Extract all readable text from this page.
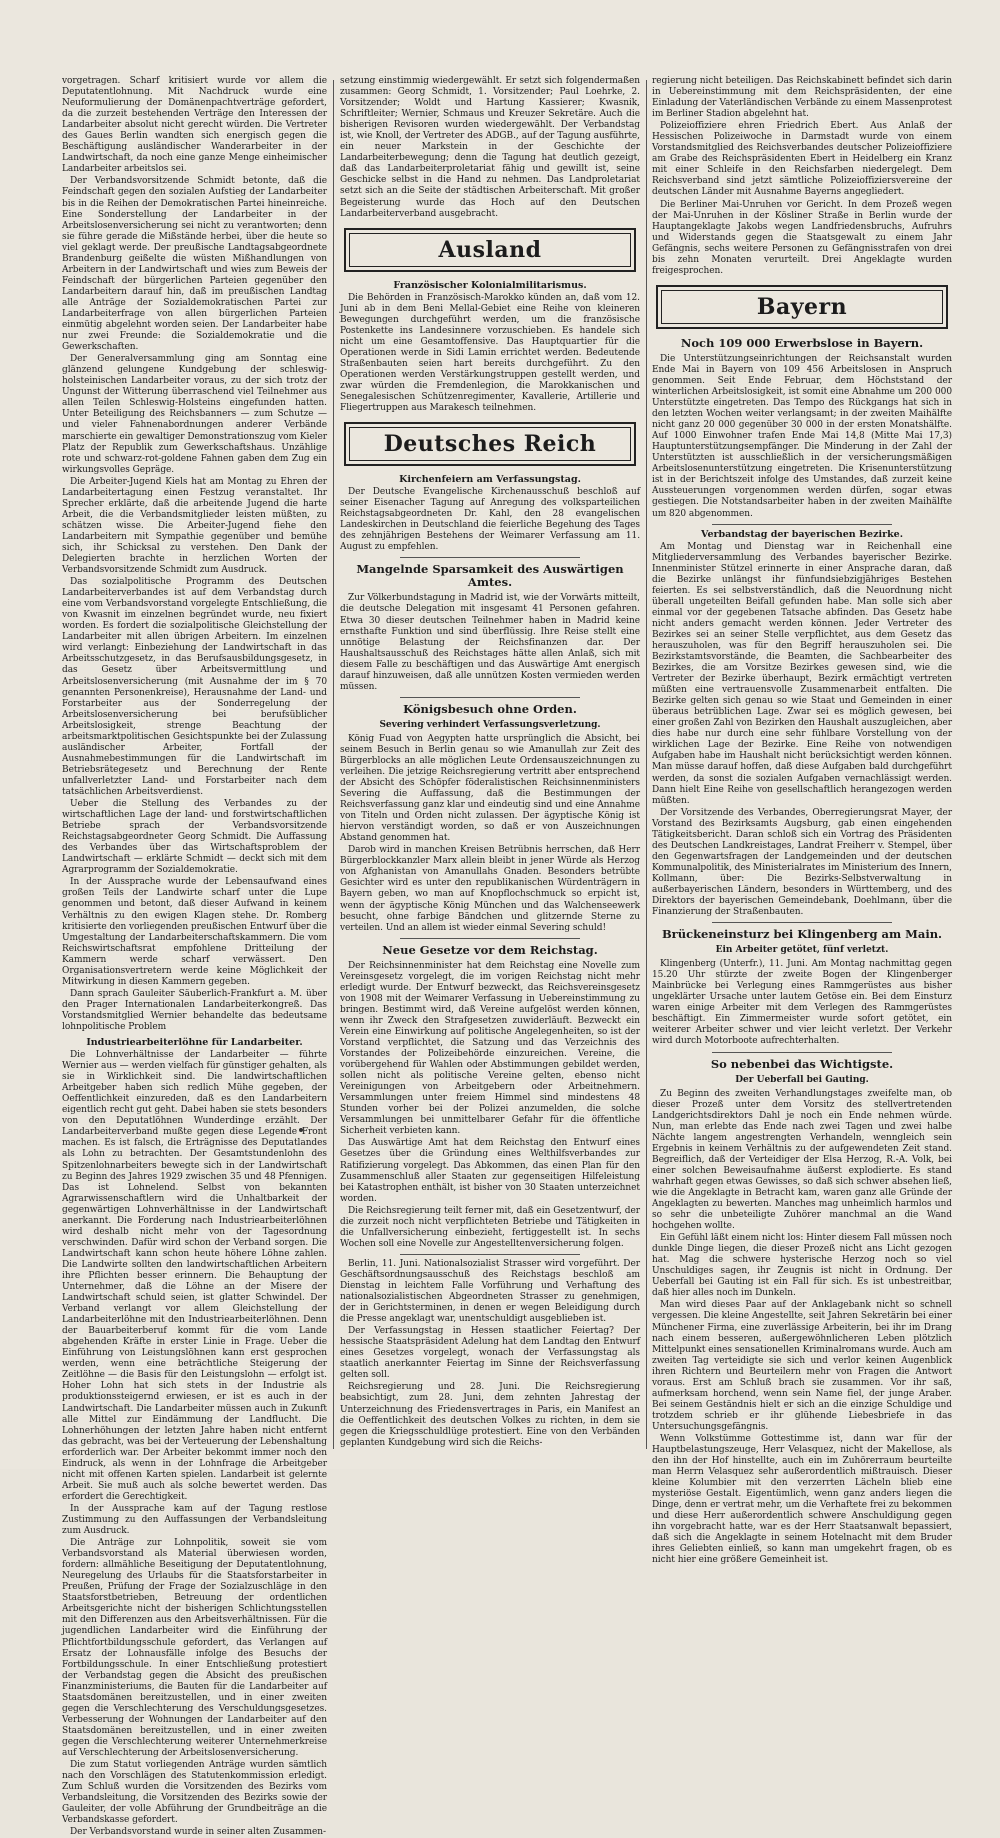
vorgetragen. Scharf kritisiert wurde vor allem die Deputatentlohnung. Mit Nachdruck wurde eine Neuformulierung der Domänenpachtverträge gefordert, da die zurzeit bestehenden Verträge den Interessen der Landarbeiter absolut nicht gerecht würden. Die Vertreter des Gaues Berlin wandten sich energisch gegen die Beschäftigung ausländischer Wanderarbeiter in der Landwirtschaft, da noch eine ganze Menge einheimischer Landarbeiter arbeitslos sei.

Der Verbandsvorsitzende Schmidt betonte, daß die Feindschaft gegen den sozialen Aufstieg der Landarbeiter bis in die Reihen der Demokratischen Partei hineinreiche. Eine Sonderstellung der Landarbeiter in der Arbeitslosenversicherung sei nicht zu verantworten; denn sie führe gerade die Mißstände herbei, über die heute so viel geklagt werde. Der preußische Landtagsabgeordnete Brandenburg geißelte die wüsten Mißhandlungen von Arbeitern in der Landwirtschaft und wies zum Beweis der Feindschaft der bürgerlichen Parteien gegenüber den Landarbeitern darauf hin, daß im preußischen Landtag alle Anträge der Sozialdemokratischen Partei zur Landarbeiterfrage von allen bürgerlichen Parteien einmütig abgelehnt worden seien. Der Landarbeiter habe nur zwei Freunde: die Sozialdemokratie und die Gewerkschaften.

Der Generalversammlung ging am Sonntag eine glänzend gelungene Kundgebung der schleswig-holsteinischen Landarbeiter voraus, zu der sich trotz der Ungunst der Witterung überraschend viel Teilnehmer aus allen Teilen Schleswig-Holsteins eingefunden hatten. Unter Beteiligung des Reichsbanners — zum Schutze — und vieler Fahnenabordnungen anderer Verbände marschierte ein gewaltiger Demonstrationszug vom Kieler Platz der Republik zum Gewerkschaftshaus. Unzählige rote und schwarz-rot-goldene Fahnen gaben dem Zug ein wirkungsvolles Gepräge.

Die Arbeiter-Jugend Kiels hat am Montag zu Ehren der Landarbeitertagung einen Festzug veranstaltet. Ihr Sprecher erklärte, daß die arbeitende Jugend die harte Arbeit, die die Verbandsmitglieder leisten müßten, zu schätzen wisse. Die Arbeiter-Jugend fiehe den Landarbeitern mit Sympathie gegenüber und bemühe sich, ihr Schicksal zu verstehen. Den Dank der Delegierten brachte in herzlichen Worten der Verbandsvorsitzende Schmidt zum Ausdruck.

Das sozialpolitische Programm des Deutschen Landarbeiterverbandes ist auf dem Verbandstag durch eine vom Verbandsvorstand vorgelegte Entschließung, die von Kwasnit im einzelnen begründet wurde, neu fixiert worden. Es fordert die sozialpolitische Gleichstellung der Landarbeiter mit allen übrigen Arbeitern. Im einzelnen wird verlangt: Einbeziehung der Landwirtschaft in das Arbeitsschutzgesetz, in das Berufsausbildungsgesetz, in das Gesetz über Arbeitsvermittlung und Arbeitslosenversicherung (mit Ausnahme der im § 70 genannten Personenkreise), Herausnahme der Land- und Forstarbeiter aus der Sonderregelung der Arbeitslosenversicherung bei berufsüblicher Arbeitslosigkeit, strenge Beachtung der arbeitsmarktpolitischen Gesichtspunkte bei der Zulassung ausländischer Arbeiter, Fortfall der Ausnahmebestimmungen für die Landwirtschaft im Betriebsrätegesetz und Berechnung der Rente unfallverletzter Land- und Forstarbeiter nach dem tatsächlichen Arbeitsverdienst.

Ueber die Stellung des Verbandes zu der wirtschaftlichen Lage der land- und forstwirtschaftlichen Betriebe sprach der Verbandsvorsitzende Reichstagsabgeordneter Georg Schmidt. Die Auffassung des Verbandes über das Wirtschaftsproblem der Landwirtschaft — erklärte Schmidt — deckt sich mit dem Agrarprogramm der Sozialdemokratie.

In der Aussprache wurde der Lebensaufwand eines großen Teils der Landwirte scharf unter die Lupe genommen und betont, daß dieser Aufwand in keinem Verhältnis zu den ewigen Klagen stehe. Dr. Romberg kritisierte den vorliegenden preußischen Entwurf über die Umgestaltung der Landarbeiterschaftskammern. Die vom Reichswirtschaftsrat empfohlene Dritteilung der Kammern werde scharf verwässert. Den Organisationsvertretern werde keine Möglichkeit der Mitwirkung in diesen Kammern gegeben.

Dann sprach Gauleiter Säuberlich-Frankfurt a. M. über den Prager Internationalen Landarbeiterkongreß. Das Vorstandsmitglied Wernier behandelte das bedeutsame lohnpolitische Problem

Industriearbeiterlöhne für Landarbeiter.

Die Lohnverhältnisse der Landarbeiter — führte Wernier aus — werden vielfach für günstiger gehalten, als sie in Wirklichkeit sind. Die landwirtschaftlichen Arbeitgeber haben sich redlich Mühe gegeben, der Oeffentlichkeit einzureden, daß es den Landarbeitern eigentlich recht gut geht. Dabei haben sie stets besonders von den Deputatlöhnen Wunderdinge erzählt. Der Landarbeiterverband mußte gegen diese Legende Front machen. Es ist falsch, die Erträgnisse des Deputatlandes als Lohn zu betrachten. Der Gesamtstundenlohn des Spitzenlohnarbeiters bewegte sich in der Landwirtschaft zu Beginn des Jahres 1929 zwischen 35 und 48 Pfennigen. Das ist Lohnelend. Selbst von bekannten Agrarwissenschaftlern wird die Unhaltbarkeit der gegenwärtigen Lohnverhältnisse in der Landwirtschaft anerkannt. Die Forderung nach Industriearbeiterlöhnen wird deshalb nicht mehr von der Tagesordnung verschwinden. Dafür wird schon der Verband sorgen. Die Landwirtschaft kann schon heute höhere Löhne zahlen. Die Landwirte sollten den landwirtschaftlichen Arbeitern ihre Pflichten besser erinnern. Die Behauptung der Unternehmer, daß die Löhne an der Misere der Landwirtschaft schuld seien, ist glatter Schwindel. Der Verband verlangt vor allem Gleichstellung der Landarbeiterlöhne mit den Industriearbeiterlöhnen. Denn der Bauarbeiterberuf kommt für die vom Lande abgehenden Kräfte in erster Linie in Frage. Ueber die Einführung von Leistungslöhnen kann erst gesprochen werden, wenn eine beträchtliche Steigerung der Zeitlöhne — die Basis für den Leistungslohn — erfolgt ist. Hoher Lohn hat sich stets in der Industrie als produktionssteigernd erwiesen, er ist es auch in der Landwirtschaft. Die Landarbeiter müssen auch in Zukunft alle Mittel zur Eindämmung der Landflucht. Die Lohnerhöhungen der letzten Jahre haben nicht entfernt das gebracht, was bei der Verteuerung der Lebenshaltung erforderlich war. Der Arbeiter bekommt immer noch den Eindruck, als wenn in der Lohnfrage die Arbeitgeber nicht mit offenen Karten spielen. Landarbeit ist gelernte Arbeit. Sie muß auch als solche bewertet werden. Das erfordert die Gerechtigkeit.

In der Aussprache kam auf der Tagung restlose Zustimmung zu den Auffassungen der Verbandsleitung zum Ausdruck.

Die Anträge zur Lohnpolitik, soweit sie vom Verbandsvorstand als Material überwiesen worden, fordern: allmähliche Beseitigung der Deputatentlohnung, Neuregelung des Urlaubs für die Staatsforstarbeiter in Preußen, Prüfung der Frage der Sozialzuschläge in den Staatsforstbetrieben, Betreuung der ordentlichen Arbeitsgerichte nicht der bisherigen Schlichtungsstellen mit den Differenzen aus den Arbeitsverhältnissen. Für die jugendlichen Landarbeiter wird die Einführung der Pflichtfortbildungsschule gefordert, das Verlangen auf Ersatz der Lohnausfälle infolge des Besuchs der Fortbildungsschule. In einer Entschließung protestiert der Verbandstag gegen die Absicht des preußischen Finanzministeriums, die Bauten für die Landarbeiter auf Staatsdomänen bereitzustellen, und in einer zweiten gegen die Verschlechterung des Verschuldungsgesetzes. Verbesserung der Wohnungen der Landarbeiter auf den Staatsdomänen bereitzustellen, und in einer zweiten gegen die Verschlechterung weiterer Unternehmerkreise auf Verschlechterung der Arbeitslosenversicherung.

Die zum Statut vorliegenden Anträge wurden sämtlich nach den Vorschlägen des Statutenkommission erledigt. Zum Schluß wurden die Vorsitzenden des Bezirks vom Verbandsleitung, die Vorsitzenden des Bezirks sowie der Gauleiter, der volle Abführung der Grundbeiträge an die Verbandskasse gefordert.

Der Verbandsvorstand wurde in seiner alten Zusammen-

setzung einstimmig wiedergewählt. Er setzt sich folgendermaßen zusammen: Georg Schmidt, 1. Vorsitzender; Paul Loehrke, 2. Vorsitzender; Woldt und Hartung Kassierer; Kwasnik, Schriftleiter; Wernier, Schmaus und Kreuzer Sekretäre. Auch die bisherigen Revisoren wurden wiedergewählt. Der Verbandstag ist, wie Knoll, der Vertreter des ADGB., auf der Tagung ausführte, ein neuer Markstein in der Geschichte der Landarbeiterbewegung; denn die Tagung hat deutlich gezeigt, daß das Landarbeiterproletariat fähig und gewillt ist, seine Geschicke selbst in die Hand zu nehmen. Das Landproletariat setzt sich an die Seite der städtischen Arbeiterschaft. Mit großer Begeisterung wurde das Hoch auf den Deutschen Landarbeiterverband ausgebracht.

Ausland
Französischer Kolonialmilitarismus.

Die Behörden in Französisch-Marokko künden an, daß vom 12. Juni ab in dem Beni Mellal-Gebiet eine Reihe von kleineren Bewegungen durchgeführt werden, um die französische Postenkette ins Landesinnere vorzuschieben. Es handele sich nicht um eine Gesamtoffensive. Das Hauptquartier für die Operationen werde in Sidi Lamin errichtet werden. Bedeutende Straßenbauten seien hart bereits durchgeführt. Zu den Operationen werden Verstärkungstruppen gestellt werden, und zwar würden die Fremdenlegion, die Marokkanischen und Senegalesischen Schützenregimenter, Kavallerie, Artillerie und Fliegertruppen aus Marakesch teilnehmen.

Deutsches Reich
Kirchenfeiern am Verfassungstag.

Der Deutsche Evangelische Kirchenausschuß beschloß auf seiner Eisenacher Tagung auf Anregung des volksparteilichen Reichstagsabgeordneten Dr. Kahl, den 28 evangelischen Landeskirchen in Deutschland die feierliche Begehung des Tages des zehnjährigen Bestehens der Weimarer Verfassung am 11. August zu empfehlen.

Mangelnde Sparsamkeit des Auswärtigen Amtes.

Zur Völkerbundstagung in Madrid ist, wie der Vorwärts mitteilt, die deutsche Delegation mit insgesamt 41 Personen gefahren. Etwa 30 dieser deutschen Teilnehmer haben in Madrid keine ernsthafte Funktion und sind überflüssig. Ihre Reise stellt eine unnötige Belastung der Reichsfinanzen dar. Der Haushaltsausschuß des Reichstages hätte allen Anlaß, sich mit diesem Falle zu beschäftigen und das Auswärtige Amt energisch darauf hinzuweisen, daß alle unnützen Kosten vermieden werden müssen.

Königsbesuch ohne Orden.
Severing verhindert Verfassungsverletzung.

König Fuad von Aegypten hatte ursprünglich die Absicht, bei seinem Besuch in Berlin genau so wie Amanullah zur Zeit des Bürgerblocks an alle möglichen Leute Ordensauszeichnungen zu verleihen. Die jetzige Reichsregierung vertritt aber entsprechend der Absicht des Schöpfer föderalistischen Reichsinnenministers Severing die Auffassung, daß die Bestimmungen der Reichsverfassung ganz klar und eindeutig sind und eine Annahme von Titeln und Orden nicht zulassen. Der ägyptische König ist hiervon verständigt worden, so daß er von Auszeichnungen Abstand genommen hat.

Darob wird in manchen Kreisen Betrübnis herrschen, daß Herr Bürgerblockkanzler Marx allein bleibt in jener Würde als Herzog von Afghanistan von Amanullahs Gnaden. Besonders betrübte Gesichter wird es unter den republikanischen Würdenträgern in Bayern geben, wo man auf Knopflochschmuck so erpicht ist, wenn der ägyptische König München und das Walchenseewerk besucht, ohne farbige Bändchen und glitzernde Sterne zu verteilen. Und an allem ist wieder einmal Severing schuld!

Neue Gesetze vor dem Reichstag.

Der Reichsinnenminister hat dem Reichstag eine Novelle zum Vereinsgesetz vorgelegt, die im vorigen Reichstag nicht mehr erledigt wurde. Der Entwurf bezweckt, das Reichsvereinsgesetz von 1908 mit der Weimarer Verfassung in Uebereinstimmung zu bringen. Bestimmt wird, daß Vereine aufgelöst werden können, wenn ihr Zweck den Strafgesetzen zuwiderläuft. Bezweckt ein Verein eine Einwirkung auf politische Angelegenheiten, so ist der Vorstand verpflichtet, die Satzung und das Verzeichnis des Vorstandes der Polizeibehörde einzureichen. Vereine, die vorübergehend für Wahlen oder Abstimmungen gebildet werden, sollen nicht als politische Vereine gelten, ebenso nicht Vereinigungen von Arbeitgebern oder Arbeitnehmern. Versammlungen unter freiem Himmel sind mindestens 48 Stunden vorher bei der Polizei anzumelden, die solche Versammlungen bei unmittelbarer Gefahr für die öffentliche Sicherheit verbieten kann.

Das Auswärtige Amt hat dem Reichstag den Entwurf eines Gesetzes über die Gründung eines Welthilfsverbandes zur Ratifizierung vorgelegt. Das Abkommen, das einen Plan für den Zusammenschluß aller Staaten zur gegenseitigen Hilfeleistung bei Katastrophen enthält, ist bisher von 30 Staaten unterzeichnet worden.

Die Reichsregierung teilt ferner mit, daß ein Gesetzentwurf, der die zurzeit noch nicht verpflichteten Betriebe und Tätigkeiten in die Unfallversicherung einbezieht, fertiggestellt ist. In sechs Wochen soll eine Novelle zur Angestelltenversicherung folgen.

Berlin, 11. Juni. Nationalsozialist Strasser wird vorgeführt. Der Geschäftsordnungsausschuß des Reichstags beschloß am Dienstag in leichtem Falle Vorführung und Verhaftung des nationalsozialistischen Abgeordneten Strasser zu genehmigen, der in Gerichtsterminen, in denen er wegen Beleidigung durch die Presse angeklagt war, unentschuldigt ausgeblieben ist.

Der Verfassungstag in Hessen staatlicher Feiertag? Der hessische Staatspräsident Adelung hat dem Landtag den Entwurf eines Gesetzes vorgelegt, wonach der Verfassungstag als staatlich anerkannter Feiertag im Sinne der Reichsverfassung gelten soll.

Reichsregierung und 28. Juni. Die Reichsregierung beabsichtigt, zum 28. Juni, dem zehnten Jahrestag der Unterzeichnung des Friedensvertrages in Paris, ein Manifest an die Oeffentlichkeit des deutschen Volkes zu richten, in dem sie gegen die Kriegsschuldlüge protestiert. Eine von den Verbänden geplanten Kundgebung wird sich die Reichs-

regierung nicht beteiligen. Das Reichskabinett befindet sich darin in Uebereinstimmung mit dem Reichspräsidenten, der eine Einladung der Vaterländischen Verbände zu einem Massenprotest im Berliner Stadion abgelehnt hat.

Polizeioffiziere ehren Friedrich Ebert. Aus Anlaß der Hessischen Polizeiwoche in Darmstadt wurde von einem Vorstandsmitglied des Reichsverbandes deutscher Polizeioffiziere am Grabe des Reichspräsidenten Ebert in Heidelberg ein Kranz mit einer Schleife in den Reichsfarben niedergelegt. Dem Reichsverband sind jetzt sämtliche Polizeioffiziersvereine der deutschen Länder mit Ausnahme Bayerns angegliedert.

Die Berliner Mai-Unruhen vor Gericht. In dem Prozeß wegen der Mai-Unruhen in der Kösliner Straße in Berlin wurde der Hauptangeklagte Jakobs wegen Landfriedensbruchs, Aufruhrs und Widerstands gegen die Staatsgewalt zu einem Jahr Gefängnis, sechs weitere Personen zu Gefängnisstrafen von drei bis zehn Monaten verurteilt. Drei Angeklagte wurden freigesprochen.

Bayern
Noch 109 000 Erwerbslose in Bayern.

Die Unterstützungseinrichtungen der Reichsanstalt wurden Ende Mai in Bayern von 109 456 Arbeitslosen in Anspruch genommen. Seit Ende Februar, dem Höchststand der winterlichen Arbeitslosigkeit, ist somit eine Abnahme um 200 000 Unterstützte eingetreten. Das Tempo des Rückgangs hat sich in den letzten Wochen weiter verlangsamt; in der zweiten Maihälfte nicht ganz 20 000 gegenüber 30 000 in der ersten Monatshälfte. Auf 1000 Einwohner trafen Ende Mai 14,8 (Mitte Mai 17,3) Hauptunterstützungsempfänger. Die Minderung in der Zahl der Unterstützten ist ausschließlich in der versicherungsmäßigen Arbeitslosenunterstützung eingetreten. Die Krisenunterstützung ist in der Berichtszeit infolge des Umstandes, daß zurzeit keine Aussteuerungen vorgenommen werden dürfen, sogar etwas gestiegen. Die Notstandsarbeiter haben in der zweiten Maihälfte um 820 abgenommen.

Verbandstag der bayerischen Bezirke.

Am Montag und Dienstag war in Reichenhall eine Mitgliederversammlung des Verbandes bayerischer Bezirke. Innenminister Stützel erinnerte in einer Ansprache daran, daß die Bezirke unlängst ihr fünfundsiebzigjähriges Bestehen feierten. Es sei selbstverständlich, daß die Neuordnung nicht überall ungeteilten Beifall gefunden habe. Man solle sich aber einmal vor der gegebenen Tatsache abfinden. Das Gesetz habe nicht anders gemacht werden können. Jeder Vertreter des Bezirkes sei an seiner Stelle verpflichtet, aus dem Gesetz das herauszuholen, was für den Begriff herauszuholen sei. Die Bezirkstamtsvorstände, die Beamten, die Sachbearbeiter des Bezirkes, die am Vorsitze Bezirkes gewesen sind, wie die Vertreter der Bezirke überhaupt, Bezirk ermächtigt vertreten müßten eine vertrauensvolle Zusammenarbeit entfalten. Die Bezirke gelten sich genau so wie Staat und Gemeinden in einer überaus betrüblichen Lage. Zwar sei es möglich gewesen, bei einer großen Zahl von Bezirken den Haushalt auszugleichen, aber dies habe nur durch eine sehr fühlbare Vorstellung von der wirklichen Lage der Bezirke. Eine Reihe von notwendigen Aufgaben habe im Haushalt nicht berücksichtigt werden können. Man müsse darauf hoffen, daß diese Aufgaben bald durchgeführt werden, da sonst die sozialen Aufgaben vernachlässigt werden. Dann hielt Eine Reihe von gesellschaftlich herangezogen werden müßten.

Der Vorsitzende des Verbandes, Oberregierungsrat Mayer, der Vorstand des Bezirksamts Augsburg, gab einen eingehenden Tätigkeitsbericht. Daran schloß sich ein Vortrag des Präsidenten des Deutschen Landkreistages, Landrat Freiherr v. Stempel, über den Gegenwartsfragen der Landgemeinden und der deutschen Kommunalpolitik, des Ministerialrates im Ministerium des Innern, Kollmann, über: Die Bezirks-Selbstverwaltung in außerbayerischen Ländern, besonders in Württemberg, und des Direktors der bayerischen Gemeindebank, Doehlmann, über die Finanzierung der Straßenbauten.

Brückeneinsturz bei Klingenberg am Main.
Ein Arbeiter getötet, fünf verletzt.

Klingenberg (Unterfr.), 11. Juni. Am Montag nachmittag gegen 15.20 Uhr stürzte der zweite Bogen der Klingenberger Mainbrücke bei Verlegung eines Rammgerüstes aus bisher ungeklärter Ursache unter lautem Getöse ein. Bei dem Einsturz waren einige Arbeiter mit dem Verlegen des Rammgerüstes beschäftigt. Ein Zimmermeister wurde sofort getötet, ein weiterer Arbeiter schwer und vier leicht verletzt. Der Verkehr wird durch Motorboote aufrechterhalten.

So nebenbei das Wichtigste.
Der Ueberfall bei Gauting.

Zu Beginn des zweiten Verhandlungstages zweifelte man, ob dieser Prozeß unter dem Vorsitz des stellvertretenden Landgerichtsdirektors Dahl je noch ein Ende nehmen würde. Nun, man erlebte das Ende nach zwei Tagen und zwei halbe Nächte langem angestrengten Verhandeln, wenngleich sein Ergebnis in keinem Verhältnis zu der aufgewendeten Zeit stand. Begreiflich, daß der Verteidiger der Elsa Herzog, R.-A. Volk, bei einer solchen Beweisaufnahme äußerst explodierte. Es stand wahrhaft gegen etwas Gewisses, so daß sich schwer absehen ließ, wie die Angeklagte in Betracht kam, waren ganz alle Gründe der Angeklagten zu bewerten. Manches mag unheimlich harmlos und so sehr die unbeteiligte Zuhörer manchmal an die Wand hochgehen wollte.

Ein Gefühl läßt einem nicht los: Hinter diesem Fall müssen noch dunkle Dinge liegen, die dieser Prozeß nicht ans Licht gezogen hat. Mag die schwere hysterische Herzog noch so viel Unschuldiges sagen, ihr Zeugnis ist nicht in Ordnung. Der Ueberfall bei Gauting ist ein Fall für sich. Es ist unbestreitbar, daß hier alles noch im Dunkeln.

Man wird dieses Paar auf der Anklagebank nicht so schnell vergessen. Die kleine Angestellte, seit Jahren Sekretärin bei einer Münchener Firma, eine zuverlässige Arbeiterin, bei ihr im Drang nach einem besseren, außergewöhnlicheren Leben plötzlich Mittelpunkt eines sensationellen Kriminalromans wurde. Auch am zweiten Tag verteidigte sie sich und verlor keinen Augenblick ihren Richtern und Beurteilern mehr von Fragen die Antwort voraus. Erst am Schluß brach sie zusammen. Vor ihr saß, aufmerksam horchend, wenn sein Name fiel, der junge Araber. Bei seinem Geständnis hielt er sich an die einzige Schuldige und trotzdem schrieb er ihr glühende Liebesbriefe in das Untersuchungsgefängnis.

Wenn Volkstümme Gottestimme ist, dann war für der Hauptbelastungszeuge, Herr Velasquez, nicht der Makellose, als den ihn der Hof hinstellte, auch ein im Zuhörerraum beurteilte man Herrn Velasquez sehr außerordentlich mißtrauisch. Dieser kleine Kolumbier mit den verzerrten Lächeln blieb eine mysteriöse Gestalt. Eigentümlich, wenn ganz anders liegen die Dinge, denn er vertrat mehr, um die Verhaftete frei zu bekommen und diese Herr außerordentlich schwere Anschuldigung gegen ihn vorgebracht hatte, war es der Herr Staatsanwalt bepassiert, daß sich die Angeklagte in seinem Hotelnacht mit dem Bruder ihres Geliebten einließ, so kann man umgekehrt fragen, ob es nicht hier eine größere Gemeinheit ist.
